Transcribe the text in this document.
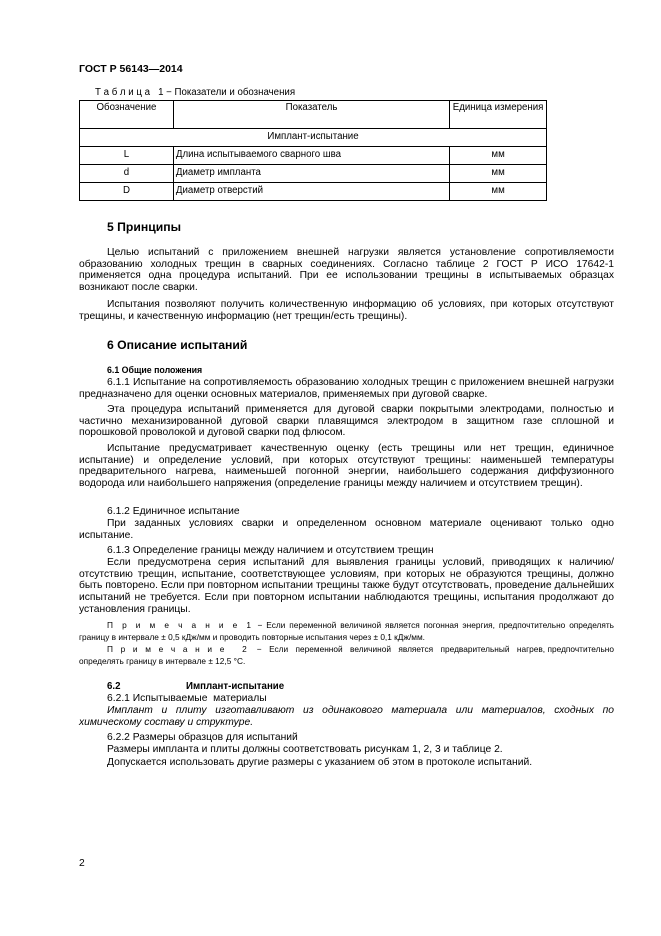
ГОСТ Р 56143—2014
Т а б л и ц а   1 − Показатели и обозначения
Обозначение	Показатель	Единица измерения
Имплант-испытание		
L	Длина испытываемого сварного шва	мм
d	Диаметр импланта	мм
D	Диаметр отверстий	мм
5 Принципы
Целью испытаний с приложением внешней нагрузки является установление сопротивляемости образованию холодных трещин в сварных соединениях. Согласно таблице 2 ГОСТ Р ИСО 17642-1 применяется одна процедура испытаний. При ее использовании трещины в испытываемых образцах возникают после сварки.
Испытания позволяют получить количественную информацию об условиях, при которых отсутствуют трещины, и качественную информацию (нет трещин/есть трещины).
6 Описание испытаний
6.1 Общие положения
6.1.1 Испытание на сопротивляемость образованию холодных трещин с приложением внешней нагрузки предназначено для оценки основных материалов, применяемых при дуговой сварке.
Эта процедура испытаний применяется для дуговой сварки покрытыми электродами, полностью и частично механизированной дуговой сварки плавящимся электродом в защитном газе сплошной и порошковой проволокой и дуговой сварки под флюсом.
Испытание предусматривает качественную оценку (есть трещины или нет трещин, единичное испытание) и определение условий, при которых отсутствуют трещины: наименьшей температуры предварительного нагрева, наименьшей погонной энергии, наибольшего содержания диффузионного водорода или наибольшего напряжения (определение границы между наличием и отсутствием трещин).
6.1.2 Единичное испытание
При заданных условиях сварки и определенном основном материале оценивают только одно испытание.
6.1.3 Определение границы между наличием и отсутствием трещин
Если предусмотрена серия испытаний для выявления границы условий, приводящих к наличию/отсутствию трещин, испытание, соответствующее условиям, при которых не образуются трещины, должно быть повторено. Если при повторном испытании трещины также будут отсутствовать, проведение дальнейших испытаний не требуется. Если при повторном испытании наблюдаются трещины, испытания продолжают до установления границы.
П р и м е ч а н и е 1 − Если переменной величиной является погонная энергия, предпочтительно определять границу в интервале ± 0,5 кДж/мм и проводить повторные испытания через ± 0,1 кДж/мм.
П р и м е ч а н и е   2   −   Если   переменной   величиной   является   предварительный   нагрев, предпочтительно определять границу в интервале ± 12,5 °C.
6.2	Имплант-испытание
6.2.1 Испытываемые  материалы
Имплант и плиту изготавливают из одинакового материала или материалов, сходных по химическому составу и структуре.
6.2.2 Размеры образцов для испытаний
Размеры импланта и плиты должны соответствовать рисункам 1, 2, 3 и таблице 2.
Допускается использовать другие размеры с указанием об этом в протоколе испытаний.
2
